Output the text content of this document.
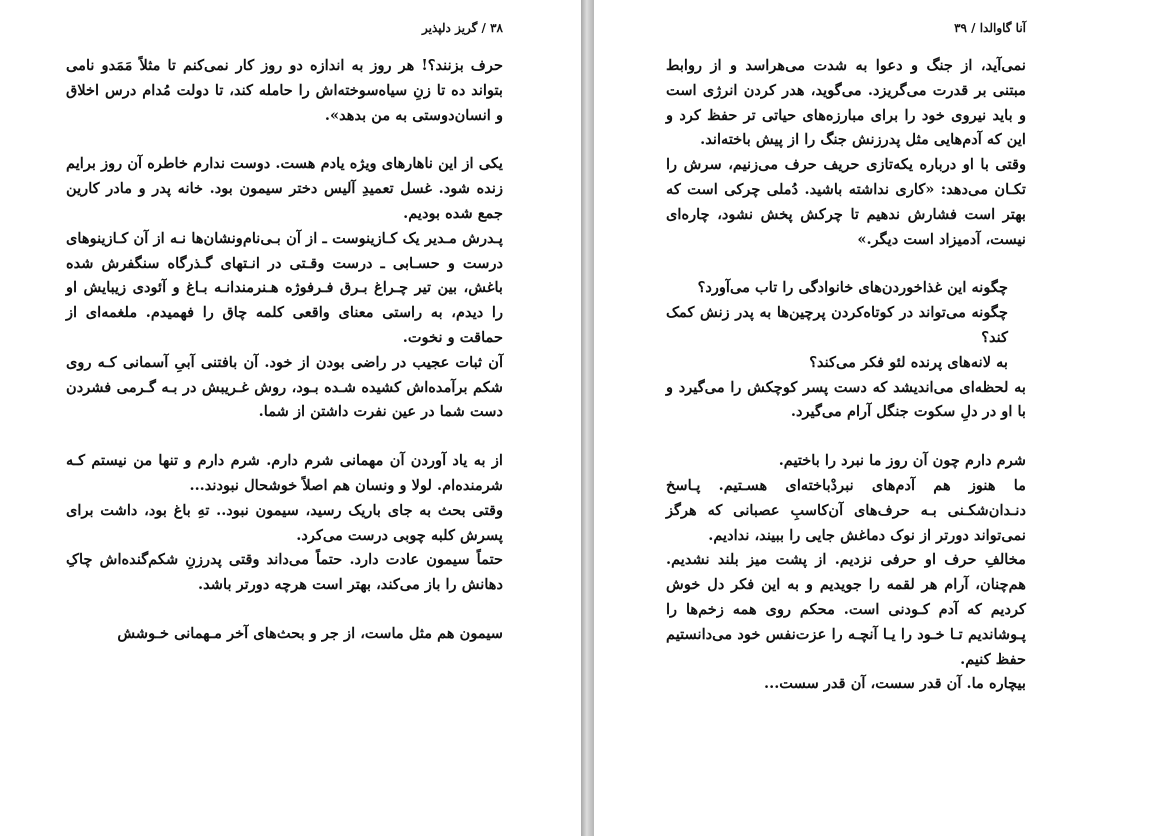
۳۸ / گریز دلپذیر

حرف بزنند؟! هر روز به اندازه دو روز کار نمی‌کنم تا مثلاً مَمَدو نامی بتواند ده تا زنِ سیاه‌سوخته‌اش را حامله کند، تا دولت مُدام درس اخلاق و انسان‌دوستی به من بدهد».

یکی از این ناهارهای ویژه یادم هست. دوست ندارم خاطره آن روز برایم زنده شود. غسل تعمیدِ آلیس دختر سیمون بود. خانه پدر و مادر کارین جمع شده بودیم.

پـدرش مـدیر یک کـازینوست ـ از آن بـی‌نام‌ونشان‌ها نـه از آن کـازینوهای درست و حسـابی ـ درست وقـتی در انـتهای گـذرگاه سنگفرش شده باغش، بین تیر چـراغ بـرق فـرفوژه هـنرمندانـه بـاغ و آئودی زیبایش او را دیدم، به راستی معنای واقعی کلمه چاق را فهمیدم. ملغمه‌ای از حماقت و نخوت.

آن ثبات عجیب در راضی بودن از خود. آن بافتنی آبیِ آسمانی کـه روی شکم برآمده‌اش کشیده شـده بـود، روش غـریبش در بـه گـرمی فشردن دست شما در عین نفرت داشتن از شما.

از به یاد آوردن آن مهمانی شرم دارم. شرم دارم و تنها من نیستم کـه شرمنده‌ام. لولا و ونسان هم اصلاً خوشحال نبودند...

وقتی بحث به جای باریک رسید، سیمون نبود.. تهِ باغ بود، داشت برای پسرش کلبه چوبی درست می‌کرد.

حتماً سیمون عادت دارد. حتماً می‌داند وقتی پدرزنِ شکم‌گنده‌اش چاکِ دهانش را باز می‌کند، بهتر است هرچه دورتر باشد.

سیمون هم مثل ماست، از جر و بحث‌های آخر مـهمانی خـوشش

آنا گاوالدا / ۳۹

نمی‌آید، از جنگ و دعوا به شدت می‌هراسد و از روابط مبتنی بر قدرت می‌گریزد. می‌گوید، هدر کردن انرژی است و باید نیروی خود را برای مبارزه‌های حیاتی تر حفظ کرد و این که آدم‌هایی مثل پدرزنش جنگ را از پیش باخته‌اند.

وقتی با او درباره یکه‌تازی حریف حرف می‌زنیم، سرش را تکـان می‌دهد: «کاری نداشته باشید. دُملی چرکی است که بهتر است فشارش ندهیم تا چرکش پخش نشود، چاره‌ای نیست، آدمیزاد است دیگر.»

چگونه این غذاخوردن‌های خانوادگی را تاب می‌آورد؟

چگونه می‌تواند در کوتاه‌کردن پرچین‌ها به پدر زنش کمک کند؟

به لانه‌های پرنده لئو فکر می‌کند؟

به لحظه‌ای می‌اندیشد که دست پسر کوچکش را می‌گیرد و با او در دلِ سکوت جنگل آرام می‌گیرد.

شرم دارم چون آن روز ما نبرد را باختیم.

ما هنوز هم آدم‌های نبردْباخته‌ای هسـتیم. پـاسخ دنـدان‌شکـنی بـه حرف‌های آن‌کاسبِ عصبانی که هرگز نمی‌تواند دورتر از نوک دماغش جایی را ببیند، ندادیم.

مخالفِ حرف او حرفی نزدیم. از پشت میز بلند نشدیم. هم‌چنان، آرام هر لقمه را جویدیم و به این فکر دل خوش کردیم که آدم کـودنی است. محکم روی همه زخم‌ها را پـوشاندیم تـا خـود را یـا آنچـه را عزت‌نفس خود می‌دانستیم حفظ کنیم.

بیچاره ما. آن قدر سست، آن قدر سست...
